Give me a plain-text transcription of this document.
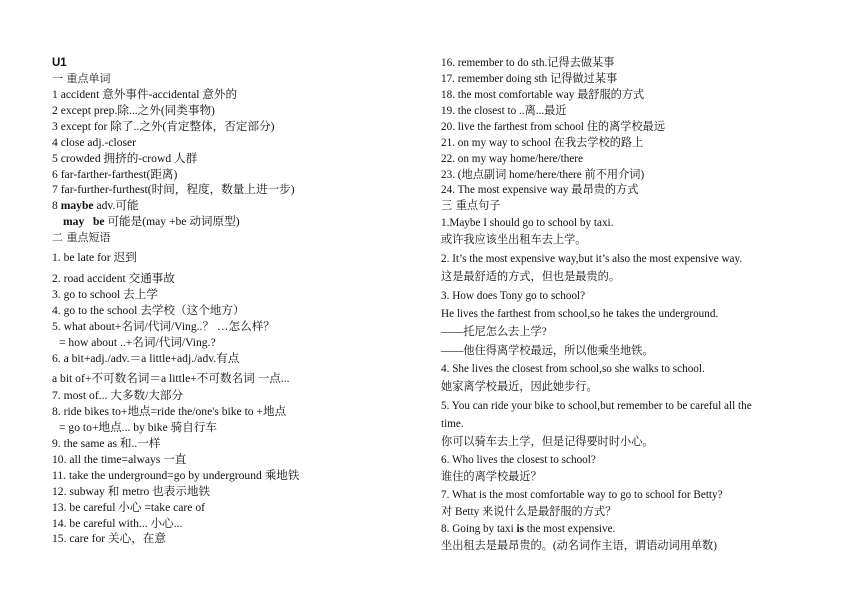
U1
一 重点单词
1 accident 意外事件-accidental 意外的
2 except prep.除...之外(同类事物)
3 except for 除了..之外(肯定整体，否定部分)
4 close adj.-closer
5 crowded 拥挤的-crowd 人群
6 far-farther-farthest(距离)
7 far-further-furthest(时间，程度，数量上进一步)
8 maybe adv.可能
may be 可能是(may +be 动词原型)
二 重点短语
1. be late for 迟到
2. road accident 交通事故
3. go to school 去上学
4. go to the school 去学校（这个地方）
5. what about+名词/代词/Ving..？ …怎么样？
= how about ..+名词/代词/Ving.?
6. a bit+adj./adv.＝a little+adj./adv.有点
a bit of+不可数名词＝a little+不可数名词 一点...
7. most of... 大多数/大部分
8. ride bikes to+地点=ride the/one's bike to +地点
= go to+地点... by bike 骑自行车
9. the same as 和..一样
10. all the time=always 一直
11. take the underground=go by underground 乘地铁
12. subway 和 metro 也表示地铁
13. be careful 小心 =take care of
14. be careful with... 小心...
15. care for 关心，在意
16. remember to do sth.记得去做某事
17. remember doing sth 记得做过某事
18. the most comfortable way 最舒服的方式
19. the closest to ..离...最近
20. live the farthest from school 住的离学校最远
21. on my way to school 在我去学校的路上
22. on my way home/here/there
23. (地点副词 home/here/there 前不用介词)
24. The most expensive way 最昂贵的方式
三 重点句子
1.Maybe I should go to school by taxi.
或许我应该坐出租车去上学。
2. It’s the most expensive way,but it’s also the most expensive way.
这是最舒适的方式，但也是最贵的。
3. How does Tony go to school?
He lives the farthest from school,so he takes the underground.
——托尼怎么去上学?
——他住得离学校最远，所以他乘坐地铁。
4. She lives the closest from school,so she walks to school.
她家离学校最近，因此她步行。
5. You can ride your bike to school,but remember to be careful all the
time.
你可以骑车去上学，但是记得要时时小心。
6. Who lives the closest to school?
谁住的离学校最近？
7. What is the most comfortable way to go to school for Betty?
对 Betty 来说什么是最舒服的方式？
8. Going by taxi is the most expensive.
坐出租去是最昂贵的。(动名词作主语，谓语动词用单数)
